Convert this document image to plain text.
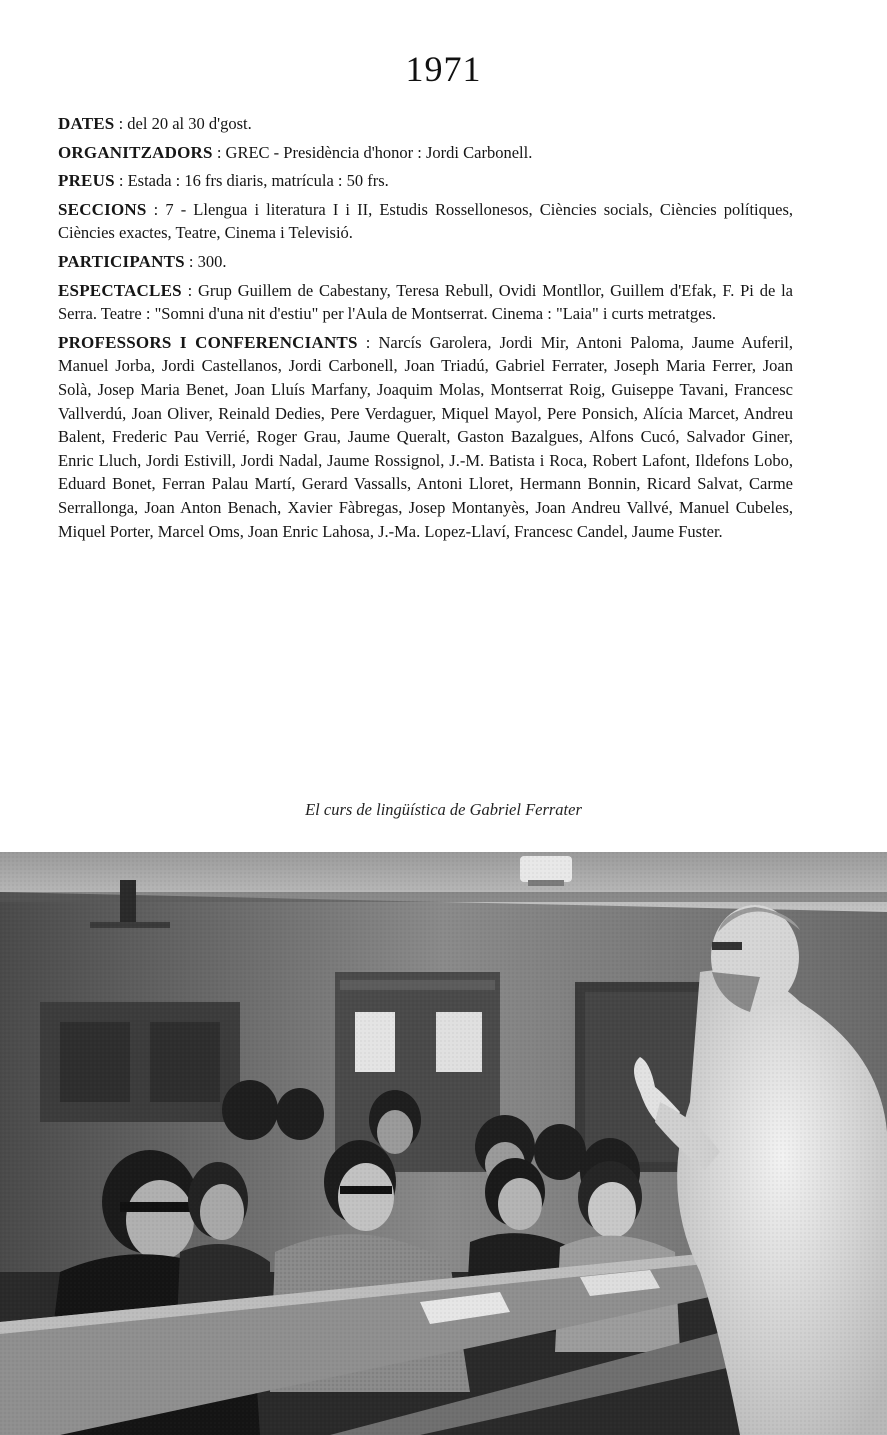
1971

DATES : del 20 al 30 d'gost.

ORGANITZADORS : GREC - Presidència d'honor : Jordi Carbonell.

PREUS : Estada : 16 frs diaris, matrícula : 50 frs.

SECCIONS : 7 - Llengua i literatura I i II, Estudis Rossellonesos, Ciències socials, Ciències polítiques, Ciències exactes, Teatre, Cinema i Televisió.

PARTICIPANTS : 300.

ESPECTACLES : Grup Guillem de Cabestany, Teresa Rebull, Ovidi Montllor, Guillem d'Efak, F. Pi de la Serra. Teatre : "Somni d'una nit d'estiu" per l'Aula de Montserrat. Cinema : "Laia" i curts metratges.

PROFESSORS I CONFERENCIANTS : Narcís Garolera, Jordi Mir, Antoni Paloma, Jaume Auferil, Manuel Jorba, Jordi Castellanos, Jordi Carbonell, Joan Triadú, Gabriel Ferrater, Joseph Maria Ferrer, Joan Solà, Josep Maria Benet, Joan Lluís Marfany, Joaquim Molas, Montserrat Roig, Guiseppe Tavani, Francesc Vallverdú, Joan Oliver, Reinald Dedies, Pere Verdaguer, Miquel Mayol, Pere Ponsich, Alícia Marcet, Andreu Balent, Frederic Pau Verrié, Roger Grau, Jaume Queralt, Gaston Bazalgues, Alfons Cucó, Salvador Giner, Enric Lluch, Jordi Estivill, Jordi Nadal, Jaume Rossignol, J.-M. Batista i Roca, Robert Lafont, Ildefons Lobo, Eduard Bonet, Ferran Palau Martí, Gerard Vassalls, Antoni Lloret, Hermann Bonnin, Ricard Salvat, Carme Serrallonga, Joan Anton Benach, Xavier Fàbregas, Josep Montanyès, Joan Andreu Vallvé, Manuel Cubeles, Miquel Porter, Marcel Oms, Joan Enric Lahosa, J.-Ma. Lopez-Llaví, Francesc Candel, Jaume Fuster.

El curs de lingüística de Gabriel Ferrater
